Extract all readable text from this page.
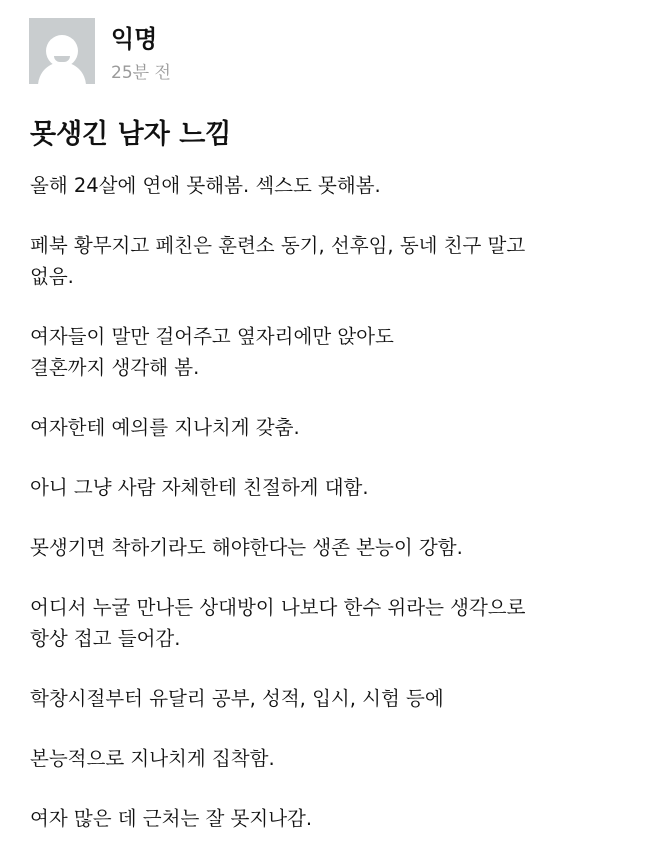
익명
25분 전
못생긴 남자 느낌

올해 24살에 연애 못해봄. 섹스도 못해봄.

페북 황무지고 페친은 훈련소 동기, 선후임, 동네 친구 말고
없음.

여자들이 말만 걸어주고 옆자리에만 앉아도
결혼까지 생각해 봄.

여자한테 예의를 지나치게 갖춤.

아니 그냥 사람 자체한테 친절하게 대함.

못생기면 착하기라도 해야한다는 생존 본능이 강함.

어디서 누굴 만나든 상대방이 나보다 한수 위라는 생각으로
항상 접고 들어감.

학창시절부터 유달리 공부, 성적, 입시, 시험 등에

본능적으로 지나치게 집착함.

여자 많은 데 근처는 잘 못지나감.
